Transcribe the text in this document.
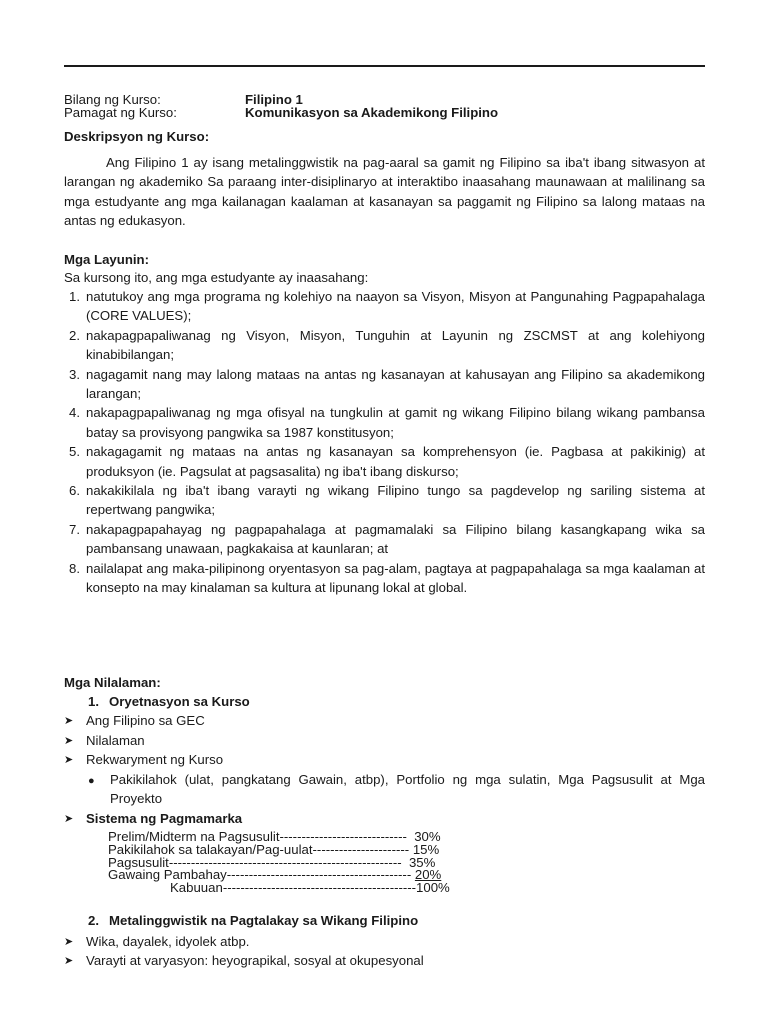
Bilang ng Kurso:	Filipino 1
Pamagat ng Kurso:	Komunikasyon sa Akademikong Filipino
Deskripsyon ng Kurso:
Ang Filipino 1 ay isang metalinggwistik na pag-aaral sa gamit ng Filipino sa iba't ibang sitwasyon at larangan ng akademiko Sa paraang inter-disiplinaryo at interaktibo inaasahang maunawaan at malilinang sa mga estudyante ang mga kailanagan kaalaman at kasanayan sa paggamit ng Filipino sa lalong mataas na antas ng edukasyon.
Mga Layunin:
Sa kursong ito, ang mga estudyante ay inaasahang:
1. natutukoy ang mga programa ng kolehiyo na naayon sa Visyon, Misyon at Pangunahing Pagpapahalaga (CORE VALUES);
2. nakapagpapaliwanag ng Visyon, Misyon, Tunguhin at Layunin ng ZSCMST at ang kolehiyong kinabibilangan;
3. nagagamit nang may lalong mataas na antas ng kasanayan at kahusayan ang Filipino sa akademikong larangan;
4. nakapagpapaliwanag ng mga ofisyal na tungkulin at gamit ng wikang Filipino bilang wikang pambansa batay sa provisyong pangwika sa 1987 konstitusyon;
5. nakagagamit ng mataas na antas ng kasanayan sa komprehensyon (ie. Pagbasa at pakikinig) at produksyon (ie. Pagsulat at pagsasalita) ng iba't ibang diskurso;
6. nakakikilala ng iba't ibang varayti ng wikang Filipino tungo sa pagdevelop ng sariling sistema at repertwang pangwika;
7. nakapagpapahayag ng pagpapahalaga at pagmamalaki sa Filipino bilang kasangkapang wika sa pambansang unawaan, pagkakaisa at kaunlaran; at
8. nailalapat ang maka-pilipinong oryentasyon sa pag-alam, pagtaya at pagpapahalaga sa mga kaalaman at konsepto na may kinalaman sa kultura at lipunang lokal at global.
Mga Nilalaman:
1. Oryetnasyon sa Kurso
➤ Ang Filipino sa GEC
➤ Nilalaman
➤ Rekwaryment ng Kurso
●	Pakikilahok (ulat, pangkatang Gawain, atbp), Portfolio ng mga sulatin, Mga Pagsusulit at Mga Proyekto
➤ Sistema ng Pagmamarka
Prelim/Midterm na Pagsusulit----------------------------- 30%
Pakikilahok sa talakayan/Pag-uulat---------------------- 15%
Pagsusulit----------------------------------------------------- 35%
Gawaing Pambahay------------------------------------------ 20%
Kabuuan--------------------------------------------100%
2. Metalinggwistik na Pagtalakay sa Wikang Filipino
➤ Wika, dayalek, idyolek atbp.
➤ Varayti at varyasyon: heyograpikal, sosyal at okupesyonal
